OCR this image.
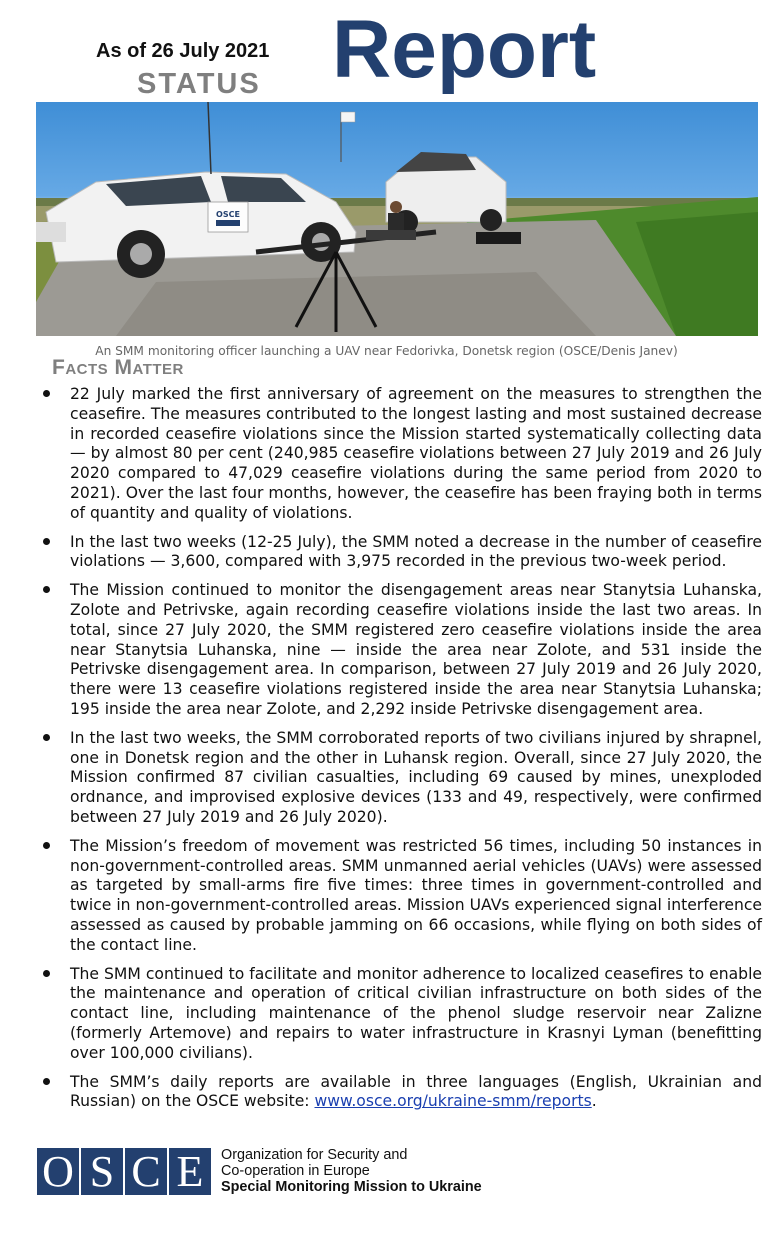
As of 26 July 2021
STATUS Report
OSCE
An SMM monitoring officer launching a UAV near Fedorivka, Donetsk region (OSCE/Denis Janev)
Facts Matter
22 July marked the first anniversary of agreement on the measures to strengthen the ceasefire. The measures contributed to the longest lasting and most sustained decrease in recorded ceasefire violations since the Mission started systematically collecting data — by almost 80 per cent (240,985 ceasefire violations between 27 July 2019 and 26 July 2020 compared to 47,029 ceasefire violations during the same period from 2020 to 2021). Over the last four months, however, the ceasefire has been fraying both in terms of quantity and quality of violations.
In the last two weeks (12-25 July), the SMM noted a decrease in the number of ceasefire violations — 3,600, compared with 3,975 recorded in the previous two-week period.
The Mission continued to monitor the disengagement areas near Stanytsia Luhanska, Zolote and Petrivske, again recording ceasefire violations inside the last two areas. In total, since 27 July 2020, the SMM registered zero ceasefire violations inside the area near Stanytsia Luhanska, nine — inside the area near Zolote, and 531 inside the Petrivske disengagement area. In comparison, between 27 July 2019 and 26 July 2020, there were 13 ceasefire violations registered inside the area near Stanytsia Luhanska; 195 inside the area near Zolote, and 2,292 inside Petrivske disengagement area.
In the last two weeks, the SMM corroborated reports of two civilians injured by shrapnel, one in Donetsk region and the other in Luhansk region. Overall, since 27 July 2020, the Mission confirmed 87 civilian casualties, including 69 caused by mines, unexploded ordnance, and improvised explosive devices (133 and 49, respectively, were confirmed between 27 July 2019 and 26 July 2020).
The Mission’s freedom of movement was restricted 56 times, including 50 instances in non-government-controlled areas. SMM unmanned aerial vehicles (UAVs) were assessed as targeted by small-arms fire five times: three times in government-controlled and twice in non-government-controlled areas. Mission UAVs experienced signal interference assessed as caused by probable jamming on 66 occasions, while flying on both sides of the contact line.
The SMM continued to facilitate and monitor adherence to localized ceasefires to enable the maintenance and operation of critical civilian infrastructure on both sides of the contact line, including maintenance of the phenol sludge reservoir near Zalizne (formerly Artemove) and repairs to water infrastructure in Krasnyi Lyman (benefitting over 100,000 civilians).
The SMM’s daily reports are available in three languages (English, Ukrainian and Russian) on the OSCE website: www.osce.org/ukraine-smm/reports.
O S C E	Organization for Security and
Co-operation in Europe
Special Monitoring Mission to Ukraine
